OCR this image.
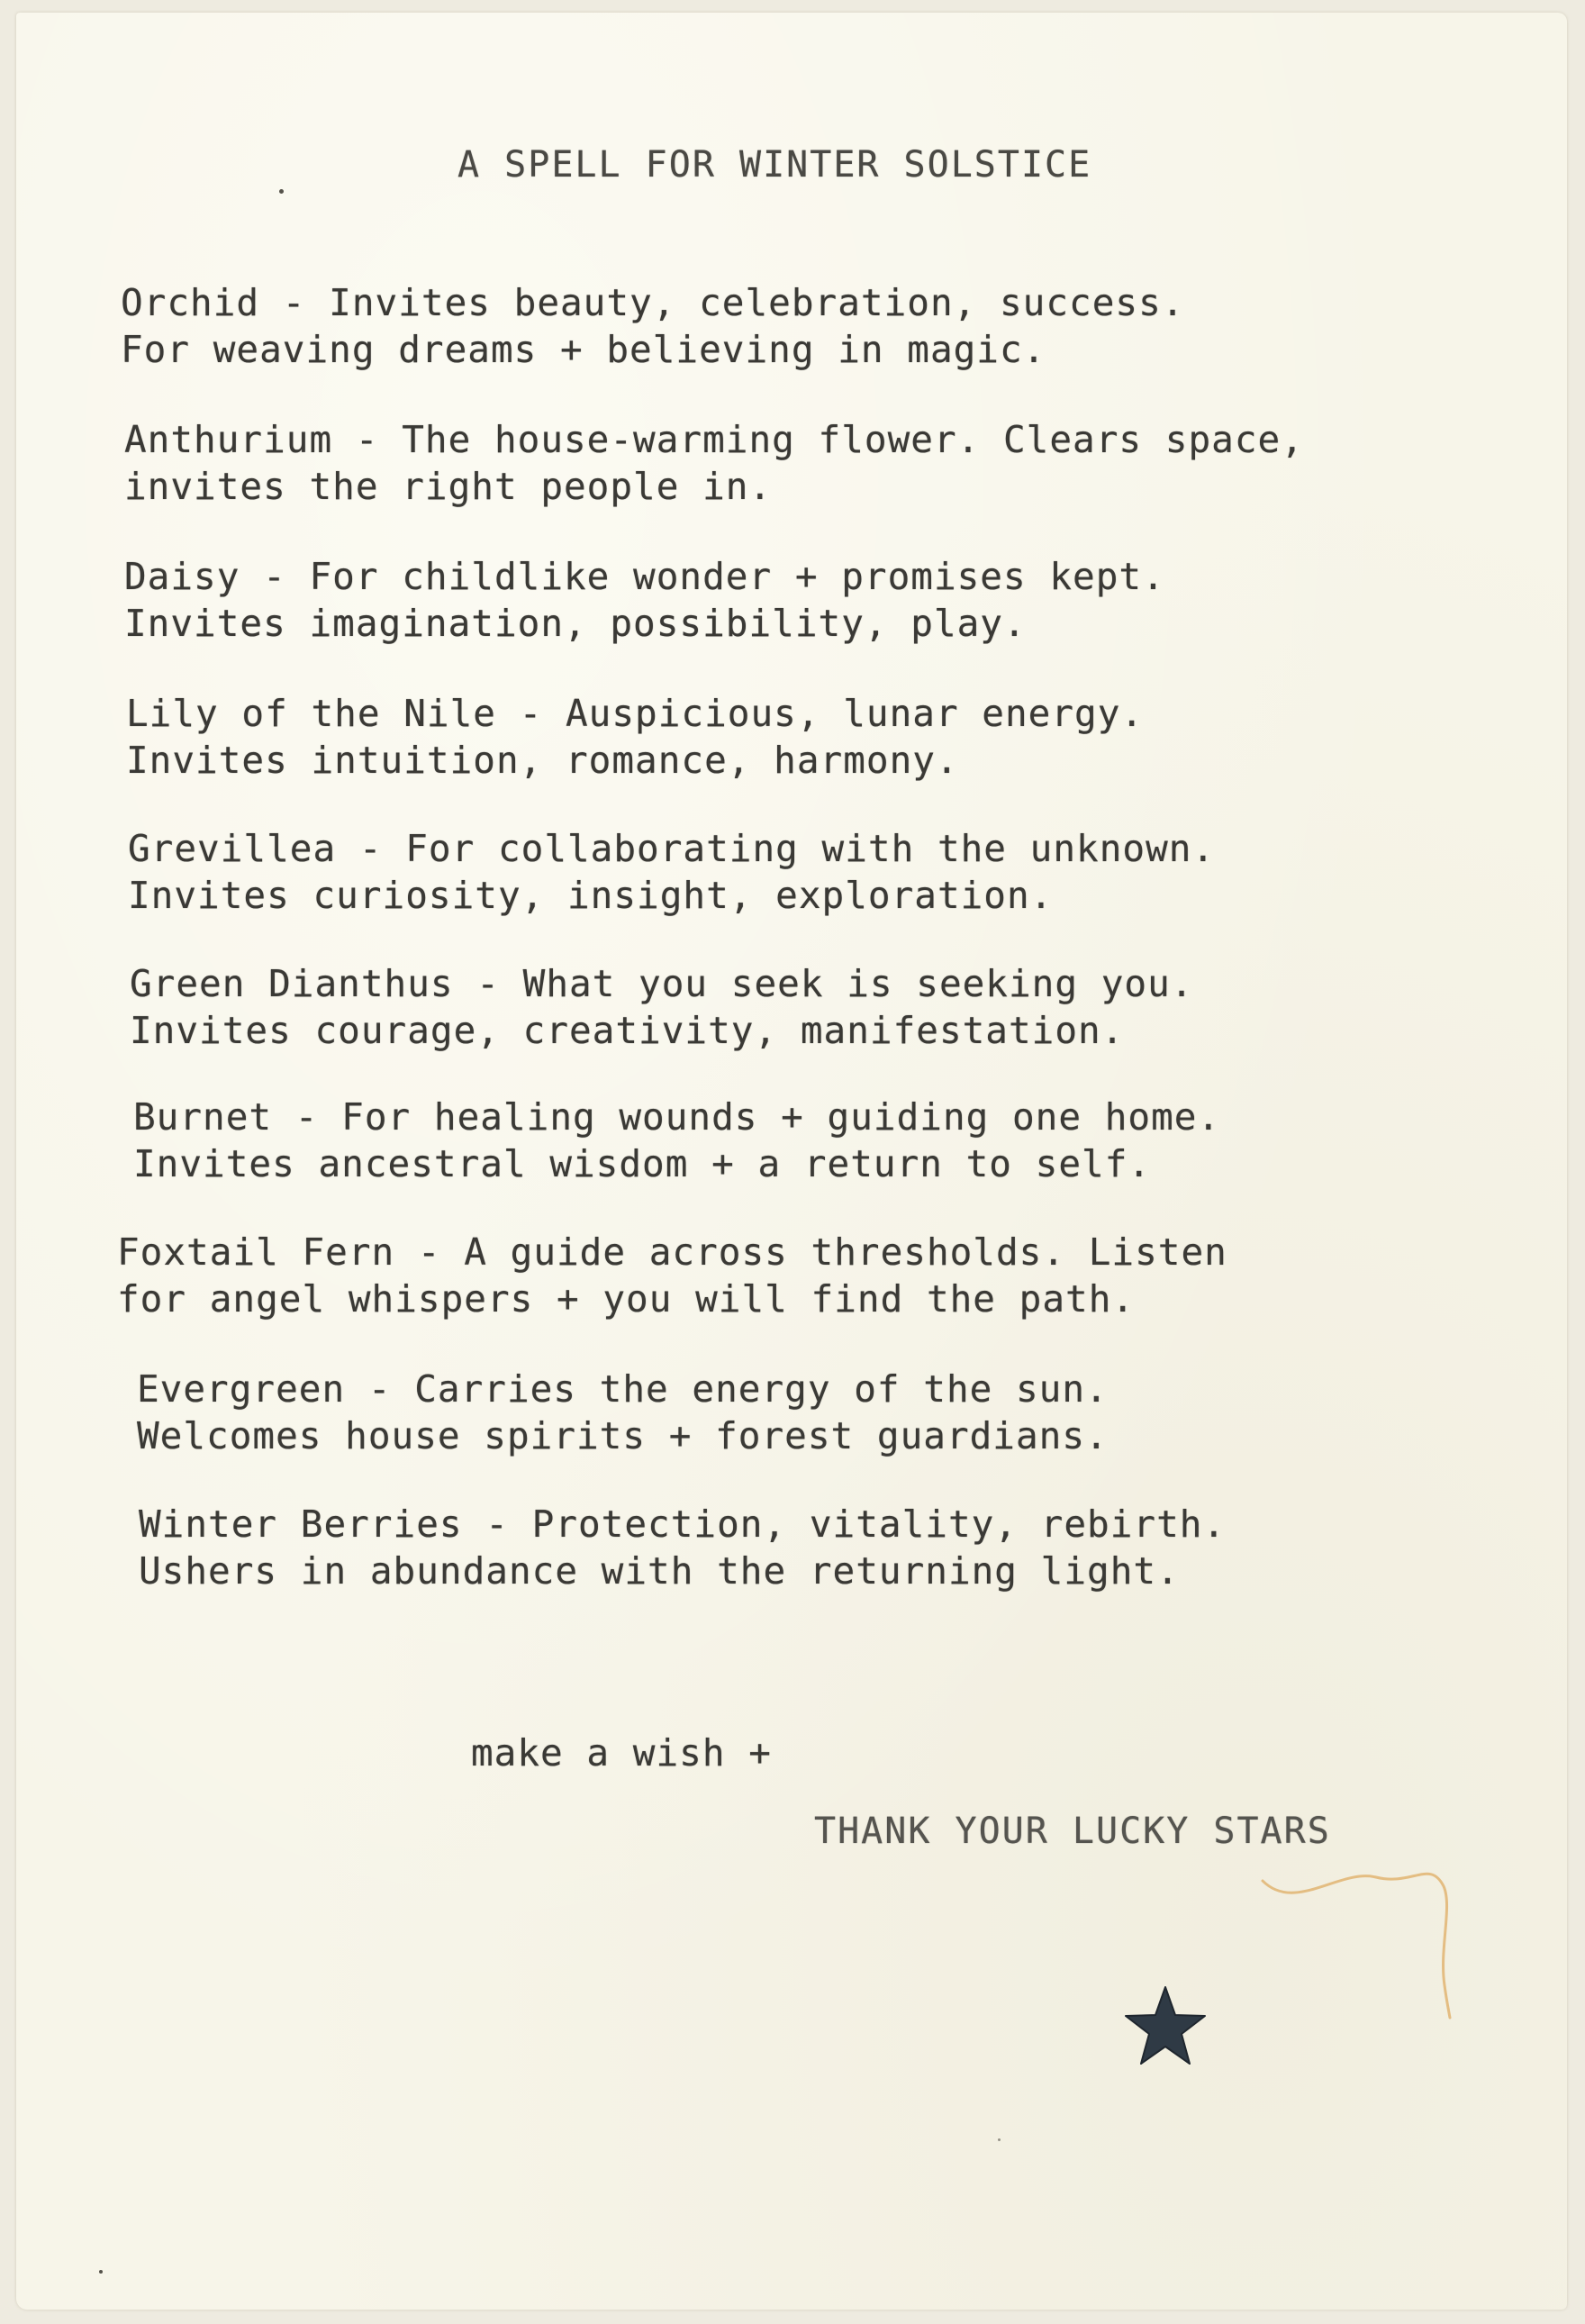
A SPELL FOR WINTER SOLSTICE

Orchid - Invites beauty, celebration, success.
For weaving dreams + believing in magic.
Anthurium - The house-warming flower. Clears space,
invites the right people in.
Daisy - For childlike wonder + promises kept.
Invites imagination, possibility, play.
Lily of the Nile - Auspicious, lunar energy.
Invites intuition, romance, harmony.
Grevillea - For collaborating with the unknown.
Invites curiosity, insight, exploration.
Green Dianthus - What you seek is seeking you.
Invites courage, creativity, manifestation.
Burnet - For healing wounds + guiding one home.
Invites ancestral wisdom + a return to self.
Foxtail Fern - A guide across thresholds. Listen
for angel whispers + you will find the path.
Evergreen - Carries the energy of the sun.
Welcomes house spirits + forest guardians.
Winter Berries - Protection, vitality, rebirth.
Ushers in abundance with the returning light.

make a wish +

THANK YOUR LUCKY STARS
